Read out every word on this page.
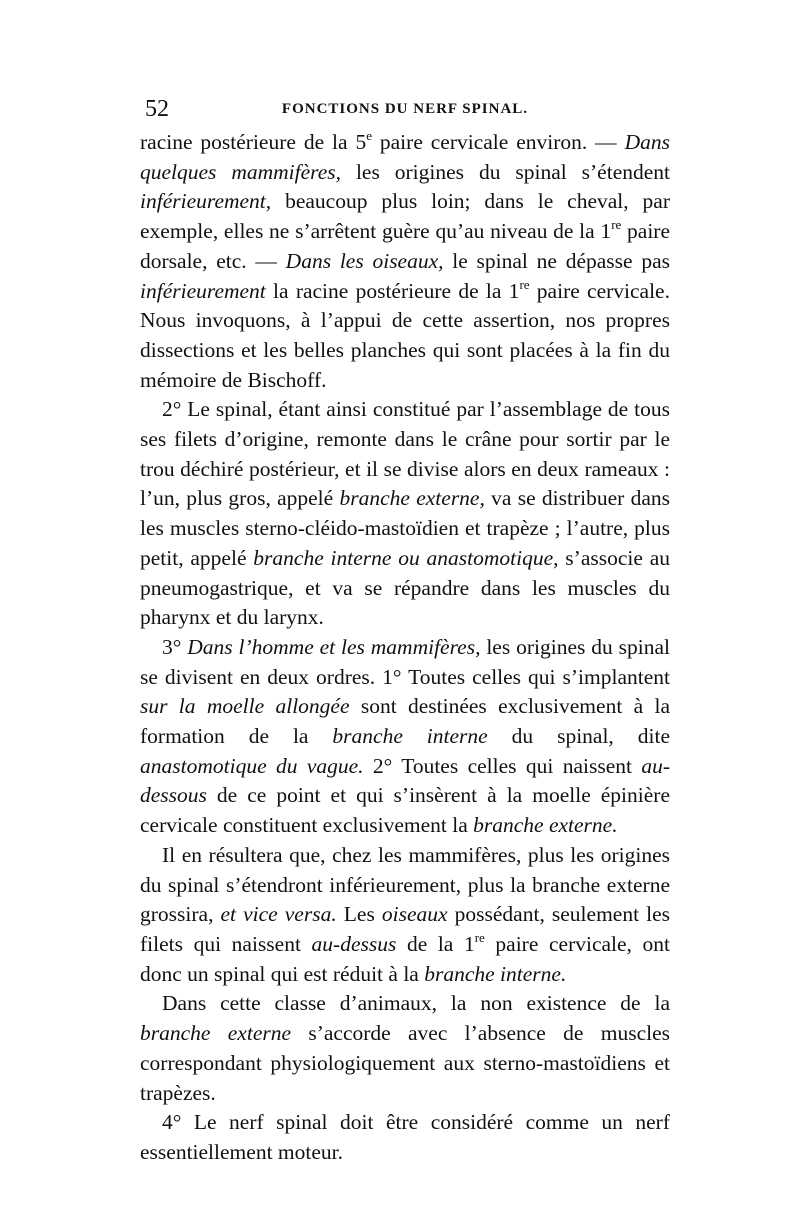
52	FONCTIONS DU NERF SPINAL.

racine postérieure de la 5e paire cervicale environ. — Dans quelques mammifères, les origines du spinal s’étendent inférieurement, beaucoup plus loin; dans le cheval, par exemple, elles ne s’arrêtent guère qu’au niveau de la 1re paire dorsale, etc. — Dans les oiseaux, le spinal ne dépasse pas inférieurement la racine postérieure de la 1re paire cervicale. Nous invoquons, à l’appui de cette assertion, nos propres dissections et les belles planches qui sont placées à la fin du mémoire de Bischoff.

2° Le spinal, étant ainsi constitué par l’assemblage de tous ses filets d’origine, remonte dans le crâne pour sortir par le trou déchiré postérieur, et il se divise alors en deux rameaux : l’un, plus gros, appelé branche externe, va se distribuer dans les muscles sterno-cléido-mastoïdien et trapèze ; l’autre, plus petit, appelé branche interne ou anastomotique, s’associe au pneumogastrique, et va se répandre dans les muscles du pharynx et du larynx.

3° Dans l’homme et les mammifères, les origines du spinal se divisent en deux ordres. 1° Toutes celles qui s’implantent sur la moelle allongée sont destinées exclusivement à la formation de la branche interne du spinal, dite anastomotique du vague. 2° Toutes celles qui naissent au-dessous de ce point et qui s’insèrent à la moelle épinière cervicale constituent exclusivement la branche externe.

Il en résultera que, chez les mammifères, plus les origines du spinal s’étendront inférieurement, plus la branche externe grossira, et vice versa. Les oiseaux possédant, seulement les filets qui naissent au-dessus de la 1re paire cervicale, ont donc un spinal qui est réduit à la branche interne.

Dans cette classe d’animaux, la non existence de la branche externe s’accorde avec l’absence de muscles correspondant physiologiquement aux sterno-mastoïdiens et trapèzes.

4° Le nerf spinal doit être considéré comme un nerf essentiellement moteur.
